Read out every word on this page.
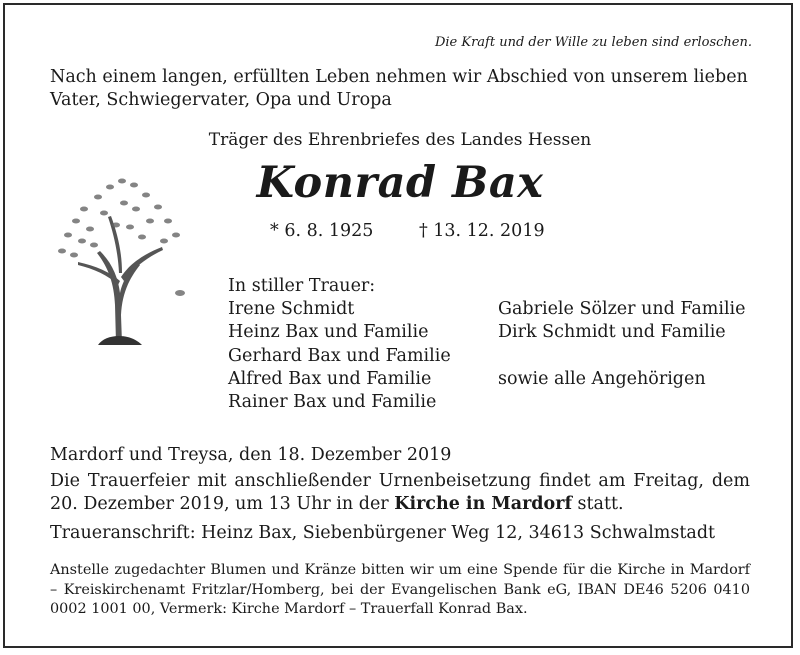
Die Kraft und der Wille zu leben sind erloschen.
Nach einem langen, erfüllten Leben nehmen wir Abschied von unserem lieben Vater, Schwiegervater, Opa und Uropa
Träger des Ehrenbriefes des Landes Hessen
Konrad Bax
* 6. 8. 1925	† 13. 12. 2019
In stiller Trauer:
Irene Schmidt
Heinz Bax und Familie
Gerhard Bax und Familie
Alfred Bax und Familie
Rainer Bax und Familie

Gabriele Sölzer und Familie
Dirk Schmidt und Familie

sowie alle Angehörigen
Mardorf und Treysa, den 18. Dezember 2019
Die Trauerfeier mit anschließender Urnenbeisetzung findet am Freitag, dem 20. Dezember 2019, um 13 Uhr in der Kirche in Mardorf statt.
Traueranschrift: Heinz Bax, Siebenbürgener Weg 12, 34613 Schwalmstadt
Anstelle zugedachter Blumen und Kränze bitten wir um eine Spende für die Kirche in Mardorf – Kreiskirchenamt Fritzlar/Homberg, bei der Evangelischen Bank eG, IBAN DE46 5206 0410 0002 1001 00, Vermerk: Kirche Mardorf – Trauerfall Konrad Bax.
